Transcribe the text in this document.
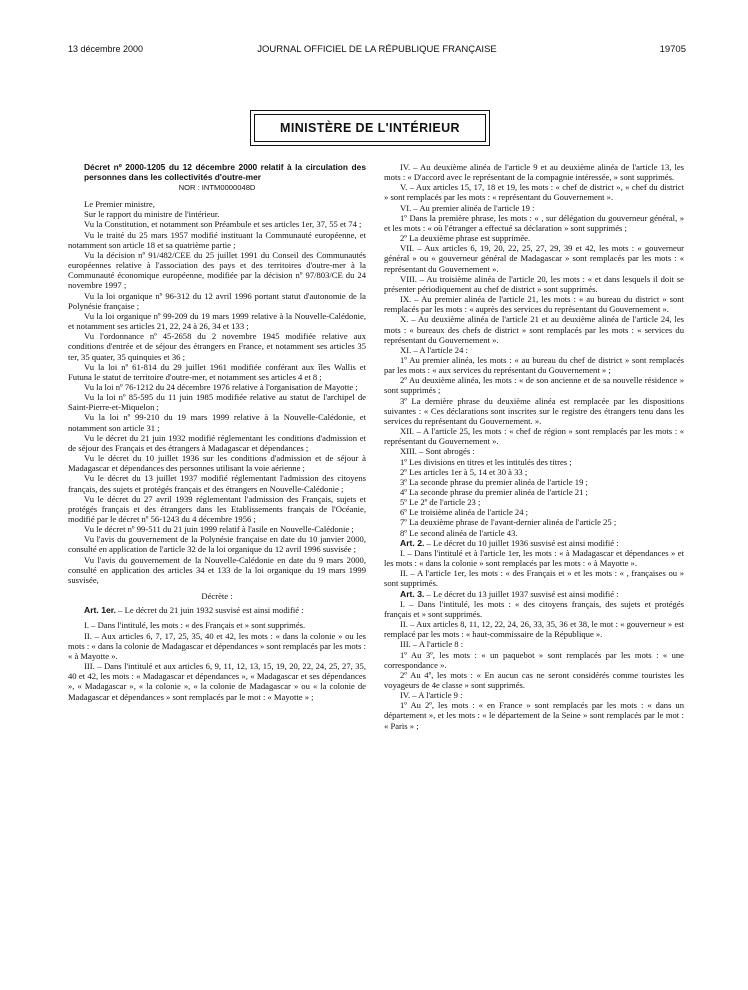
13 décembre 2000	JOURNAL OFFICIEL DE LA RÉPUBLIQUE FRANÇAISE	19705
MINISTÈRE DE L'INTÉRIEUR

Décret nº 2000-1205 du 12 décembre 2000 relatif à la circulation des personnes dans les collectivités d'outre-mer

NOR : INTM0000048D

Le Premier ministre,

Sur le rapport du ministre de l'intérieur.

Vu la Constitution, et notamment son Préambule et ses articles 1er, 37, 55 et 74 ;

Vu le traité du 25 mars 1957 modifié instituant la Communauté européenne, et notamment son article 18 et sa quatrième partie ;

Vu la décision nº 91/482/CEE du 25 juillet 1991 du Conseil des Communautés européennes relative à l'association des pays et des territoires d'outre-mer à la Communauté économique européenne, modifiée par la décision nº 97/803/CE du 24 novembre 1997 ;

Vu la loi organique nº 96-312 du 12 avril 1996 portant statut d'autonomie de la Polynésie française ;

Vu la loi organique nº 99-209 du 19 mars 1999 relative à la Nouvelle-Calédonie, et notamment ses articles 21, 22, 24 à 26, 34 et 133 ;

Vu l'ordonnance nº 45-2658 du 2 novembre 1945 modifiée relative aux conditions d'entrée et de séjour des étrangers en France, et notamment ses articles 35 ter, 35 quater, 35 quinquies et 36 ;

Vu la loi nº 61-814 du 29 juillet 1961 modifiée conférant aux îles Wallis et Futuna le statut de territoire d'outre-mer, et notamment ses articles 4 et 8 ;

Vu la loi nº 76-1212 du 24 décembre 1976 relative à l'organisation de Mayotte ;

Vu la loi nº 85-595 du 11 juin 1985 modifiée relative au statut de l'archipel de Saint-Pierre-et-Miquelon ;

Vu la loi nº 99-210 du 19 mars 1999 relative à la Nouvelle-Calédonie, et notamment son article 31 ;

Vu le décret du 21 juin 1932 modifié réglementant les conditions d'admission et de séjour des Français et des étrangers à Madagascar et dépendances ;

Vu le décret du 10 juillet 1936 sur les conditions d'admission et de séjour à Madagascar et dépendances des personnes utilisant la voie aérienne ;

Vu le décret du 13 juillet 1937 modifié réglementant l'admission des citoyens français, des sujets et protégés français et des étrangers en Nouvelle-Calédonie ;

Vu le décret du 27 avril 1939 réglementant l'admission des Français, sujets et protégés français et des étrangers dans les Etablissements français de l'Océanie, modifié par le décret nº 56-1243 du 4 décembre 1956 ;

Vu le décret nº 99-511 du 21 juin 1999 relatif à l'asile en Nouvelle-Calédonie ;

Vu l'avis du gouvernement de la Polynésie française en date du 10 janvier 2000, consulté en application de l'article 32 de la loi organique du 12 avril 1996 susvisée ;

Vu l'avis du gouvernement de la Nouvelle-Calédonie en date du 9 mars 2000, consulté en application des articles 34 et 133 de la loi organique du 19 mars 1999 susvisée,

Décrète :

Art. 1er. – Le décret du 21 juin 1932 susvisé est ainsi modifié :

I. – Dans l'intitulé, les mots : « des Français et » sont supprimés.

II. – Aux articles 6, 7, 17, 25, 35, 40 et 42, les mots : « dans la colonie » ou les mots : « dans la colonie de Madagascar et dépendances » sont remplacés par les mots : « à Mayotte ».

III. – Dans l'intitulé et aux articles 6, 9, 11, 12, 13, 15, 19, 20, 22, 24, 25, 27, 35, 40 et 42, les mots : « Madagascar et dépendances », « Madagascar et ses dépendances », « Madagascar », « la colonie », « la colonie de Madagascar » ou « la colonie de Madagascar et dépendances » sont remplacés par le mot : « Mayotte » ;

IV. – Au deuxième alinéa de l'article 9 et au deuxième alinéa de l'article 13, les mots : « D'accord avec le représentant de la compagnie intéressée, » sont supprimés.

V. – Aux articles 15, 17, 18 et 19, les mots : « chef de district », « chef du district » sont remplacés par les mots : « représentant du Gouvernement ».

VI. – Au premier alinéa de l'article 19 :

1º Dans la première phrase, les mots : « , sur délégation du gouverneur général, » et les mots : « où l'étranger a effectué sa déclaration » sont supprimés ;

2º La deuxième phrase est supprimée.

VII. – Aux articles 6, 19, 20, 22, 25, 27, 29, 39 et 42, les mots : « gouverneur général » ou « gouverneur général de Madagascar » sont remplacés par les mots : « représentant du Gouvernement ».

VIII. – Au troisième alinéa de l'article 20, les mots : « et dans lesquels il doit se présenter périodiquement au chef de district » sont supprimés.

IX. – Au premier alinéa de l'article 21, les mots : « au bureau du district » sont remplacés par les mots : « auprès des services du représentant du Gouvernement ».

X. – Au deuxième alinéa de l'article 21 et au deuxième alinéa de l'article 24, les mots : « bureaux des chefs de district » sont remplacés par les mots : « services du représentant du Gouvernement ».

XI. – A l'article 24 :

1º Au premier alinéa, les mots : « au bureau du chef de district » sont remplacés par les mots : « aux services du représentant du Gouvernement » ;

2º Au deuxième alinéa, les mots : « de son ancienne et de sa nouvelle résidence » sont supprimés ;

3º La dernière phrase du deuxième alinéa est remplacée par les dispositions suivantes : « Ces déclarations sont inscrites sur le registre des étrangers tenu dans les services du représentant du Gouvernement. ».

XII. – A l'article 25, les mots : « chef de région » sont remplacés par les mots : « représentant du Gouvernement ».

XIII. – Sont abrogés :

1º Les divisions en titres et les intitulés des titres ;

2º Les articles 1er à 5, 14 et 30 à 33 ;

3º La seconde phrase du premier alinéa de l'article 19 ;

4º La seconde phrase du premier alinéa de l'article 21 ;

5º Le 2º de l'article 23 ;

6º Le troisième alinéa de l'article 24 ;

7º La deuxième phrase de l'avant-dernier alinéa de l'article 25 ;

8º Le second alinéa de l'article 43.

Art. 2. – Le décret du 10 juillet 1936 susvisé est ainsi modifié :

I. – Dans l'intitulé et à l'article 1er, les mots : « à Madagascar et dépendances » et les mots : « dans la colonie » sont remplacés par les mots : « à Mayotte ».

II. – A l'article 1er, les mots : « des Français et » et les mots : « , françaises ou » sont supprimés.

Art. 3. – Le décret du 13 juillet 1937 susvisé est ainsi modifié :

I. – Dans l'intitulé, les mots : « des citoyens français, des sujets et protégés français et » sont supprimés.

II. – Aux articles 8, 11, 12, 22, 24, 26, 33, 35, 36 et 38, le mot : « gouverneur » est remplacé par les mots : « haut-commissaire de la République ».

III. – A l'article 8 :

1º Au 3º, les mots : « un paquebot » sont remplacés par les mots : « une correspondance ».

2º Au 4º, les mots : « En aucun cas ne seront considérés comme touristes les voyageurs de 4e classe » sont supprimés.

IV. – A l'article 9 :

1º Au 2º, les mots : « en France » sont remplacés par les mots : « dans un département », et les mots : « le département de la Seine » sont remplacés par le mot : « Paris » ;
